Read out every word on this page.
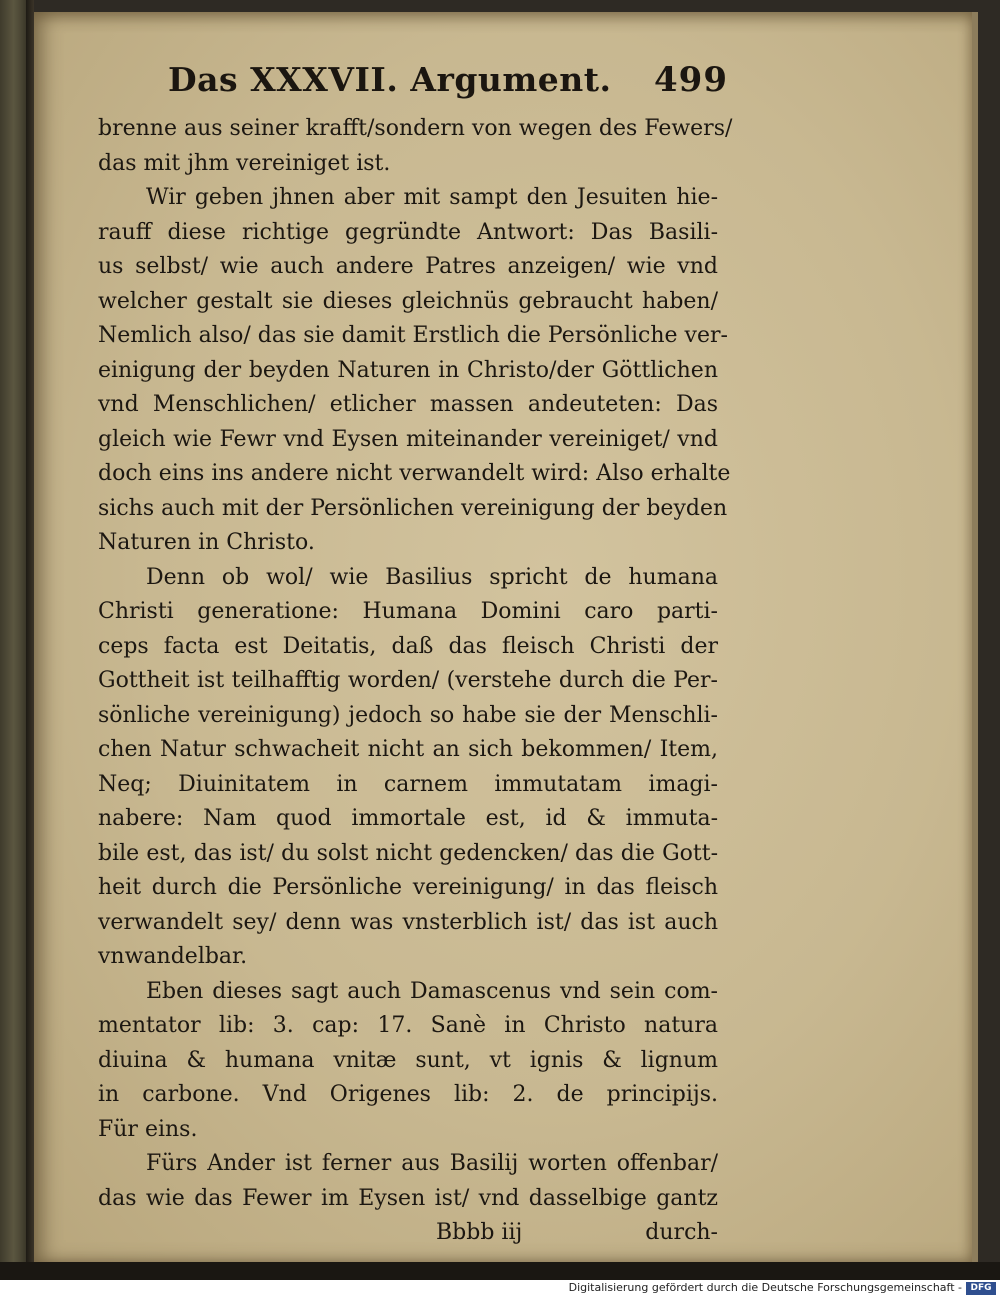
Das XXXVII. Argument. 499
brenne aus seiner krafft/sondern von wegen des Fewers/
das mit jhm vereiniget ist.
Wir geben jhnen aber mit sampt den Jesuiten hie-
rauff diese richtige gegründte Antwort: Das Basili-
us selbst/ wie auch andere Patres anzeigen/ wie vnd
welcher gestalt sie dieses gleichnüs gebraucht haben/
Nemlich also/ das sie damit Erstlich die Persönliche ver-
einigung der beyden Naturen in Christo/der Göttlichen
vnd Menschlichen/ etlicher massen andeuteten: Das
gleich wie Fewr vnd Eysen miteinander vereiniget/ vnd
doch eins ins andere nicht verwandelt wird: Also erhalte
sichs auch mit der Persönlichen vereinigung der beyden
Naturen in Christo.
Denn ob wol/ wie Basilius spricht de humana
Christi generatione: Humana Domini caro parti-
ceps facta est Deitatis, daß das fleisch Christi der
Gottheit ist teilhafftig worden/ (verstehe durch die Per-
sönliche vereinigung) jedoch so habe sie der Menschli-
chen Natur schwacheit nicht an sich bekommen/ Item,
Neq; Diuinitatem in carnem immutatam imagi-
nabere: Nam quod immortale est, id & immuta-
bile est, das ist/ du solst nicht gedencken/ das die Gott-
heit durch die Persönliche vereinigung/ in das fleisch
verwandelt sey/ denn was vnsterblich ist/ das ist auch
vnwandelbar.
Eben dieses sagt auch Damascenus vnd sein com-
mentator lib: 3. cap: 17. Sanè in Christo natura
diuina & humana vnitæ sunt, vt ignis & lignum
in carbone. Vnd Origenes lib: 2. de principijs.
Für eins.
Fürs Ander ist ferner aus Basilij worten offenbar/
das wie das Fewer im Eysen ist/ vnd dasselbige gantz
Bbbb iij	durch-
Digitalisierung gefördert durch die Deutsche Forschungsgemeinschaft - DFG
